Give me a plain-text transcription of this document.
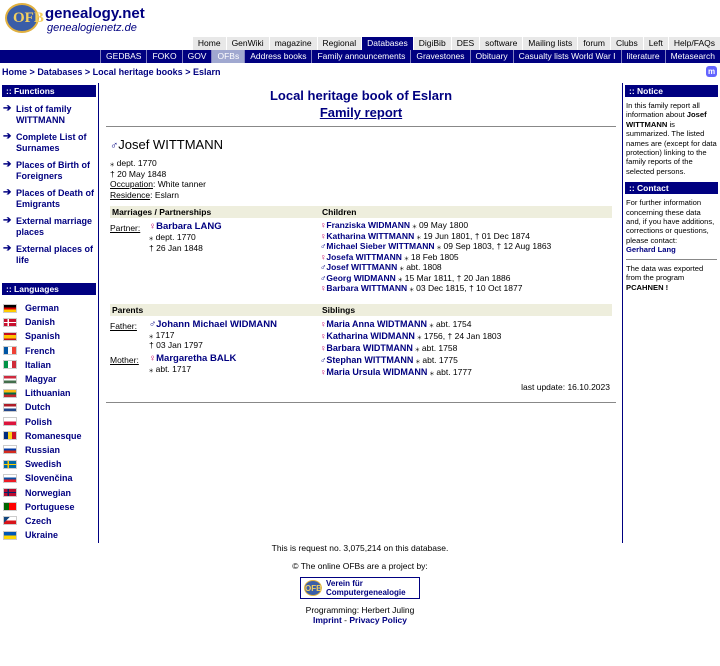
OFB genealogy.net
genealogienetz.de
Home	GenWiki	magazine	Regional	Databases	DigiBib	DES	software	Mailing lists	forum	Clubs	Left	Help/FAQs
GEDBAS	FOKO	GOV	OFBs	Address books	Family announcements	Gravestones	Obituary	Casualty lists World War I	literature	Metasearch
Home > Databases > Local heritage books > Eslarn	m
:: Functions
➔ List of family WITTMANN
➔ Complete List of Surnames
➔ Places of Birth of Foreigners
➔ Places of Death of Emigrants
➔ External marriage places
➔ External places of life
:: Languages
German
Danish
Spanish
French
Italian
Magyar
Lithuanian
Dutch
Polish
Romanesque
Russian
Swedish
Slovenčina
Norwegian
Portuguese
Czech
Ukraine
Local heritage book of Eslarn
Family report
♂Josef WITTMANN
⁎ dept. 1770
† 20 May 1848
Occupation: White tanner
Residence: Eslarn
Marriages / Partnerships
Partner: ♀Barbara LANG
⁎ dept. 1770
† 26 Jan 1848
Children
♀Franziska WIDMANN ⁎ 09 May 1800
♀Katharina WITTMANN ⁎ 19 Jun 1801, † 01 Dec 1874
♂Michael Sieber WITTMANN ⁎ 09 Sep 1803, † 12 Aug 1863
♀Josefa WITTMANN ⁎ 18 Feb 1805
♂Josef WITTMANN ⁎ abt. 1808
♂Georg WIDMANN ⁎ 15 Mar 1811, † 20 Jan 1886
♀Barbara WITTMANN ⁎ 03 Dec 1815, † 10 Oct 1877
Parents
Father:	♂Johann Michael WIDMANN
⁎ 1717
† 03 Jan 1797
Mother:	♀Margaretha BALK
⁎ abt. 1717
Siblings
♀Maria Anna WIDTMANN ⁎ abt. 1754
♀Katharina WIDMANN ⁎ 1756, † 24 Jan 1803
♀Barbara WIDTMANN ⁎ abt. 1758
♂Stephan WITTMANN ⁎ abt. 1775
♀Maria Ursula WIDMANN ⁎ abt. 1777
last update: 16.10.2023
:: Notice
In this family report all information about Josef WITTMANN is summarized. The listed names are (except for data protection) linking to the family reports of the selected persons.
:: Contact
For further information concerning these data and, if you have additions, corrections or questions, please contact:
Gerhard Lang
The data was exported from the program PCAHNEN !

This is request no. 3,075,214 on this database.

© The online OFBs are a project by:

OFB
Verein für
Computergenealogie

Programming: Herbert Juling

Imprint - Privacy Policy
